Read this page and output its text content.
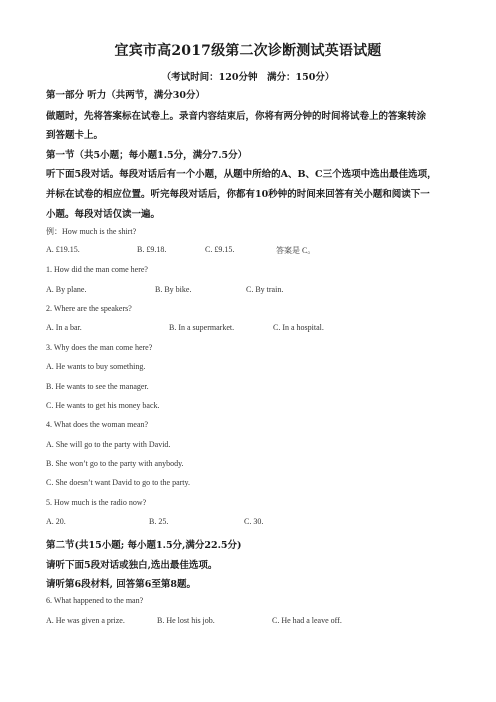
宜宾市高2017级第二次诊断测试英语试题
（考试时间：120分钟　满分：150分）
第一部分 听力（共两节，满分30分）
做题时，先将答案标在试卷上。录音内容结束后，你将有两分钟的时间将试卷上的答案转涂
到答题卡上。
第一节（共5小题；每小题1.5分，满分7.5分）
听下面5段对话。每段对话后有一个小题，从题中所给的A、B、C三个选项中选出最佳选项，
并标在试卷的相应位置。听完每段对话后，你都有10秒钟的时间来回答有关小题和阅读下一
小题。每段对话仅读一遍。
例：How much is the shirt?
A. £19.15.	B. £9.18.	C. £9.15.	答案是 C。
1. How did the man come here?
A. By plane.	B. By bike.	C. By train.
2. Where are the speakers?
A. In a bar.	B. In a supermarket.	C. In a hospital.
3. Why does the man come here?
A. He wants to buy something.
B. He wants to see the manager.
C. He wants to get his money back.
4. What does the woman mean?
A. She will go to the party with David.
B. She won’t go to the party with anybody.
C. She doesn’t want David to go to the party.
5. How much is the radio now?
A. 20.	B. 25.	C. 30.
第二节(共15小题; 每小题1.5分,满分22.5分)
请听下面5段对话或独白,选出最佳选项。
请听第6段材料, 回答第6至第8题。
6. What happened to the man?
A. He was given a prize.	B. He lost his job.	C. He had a leave off.
